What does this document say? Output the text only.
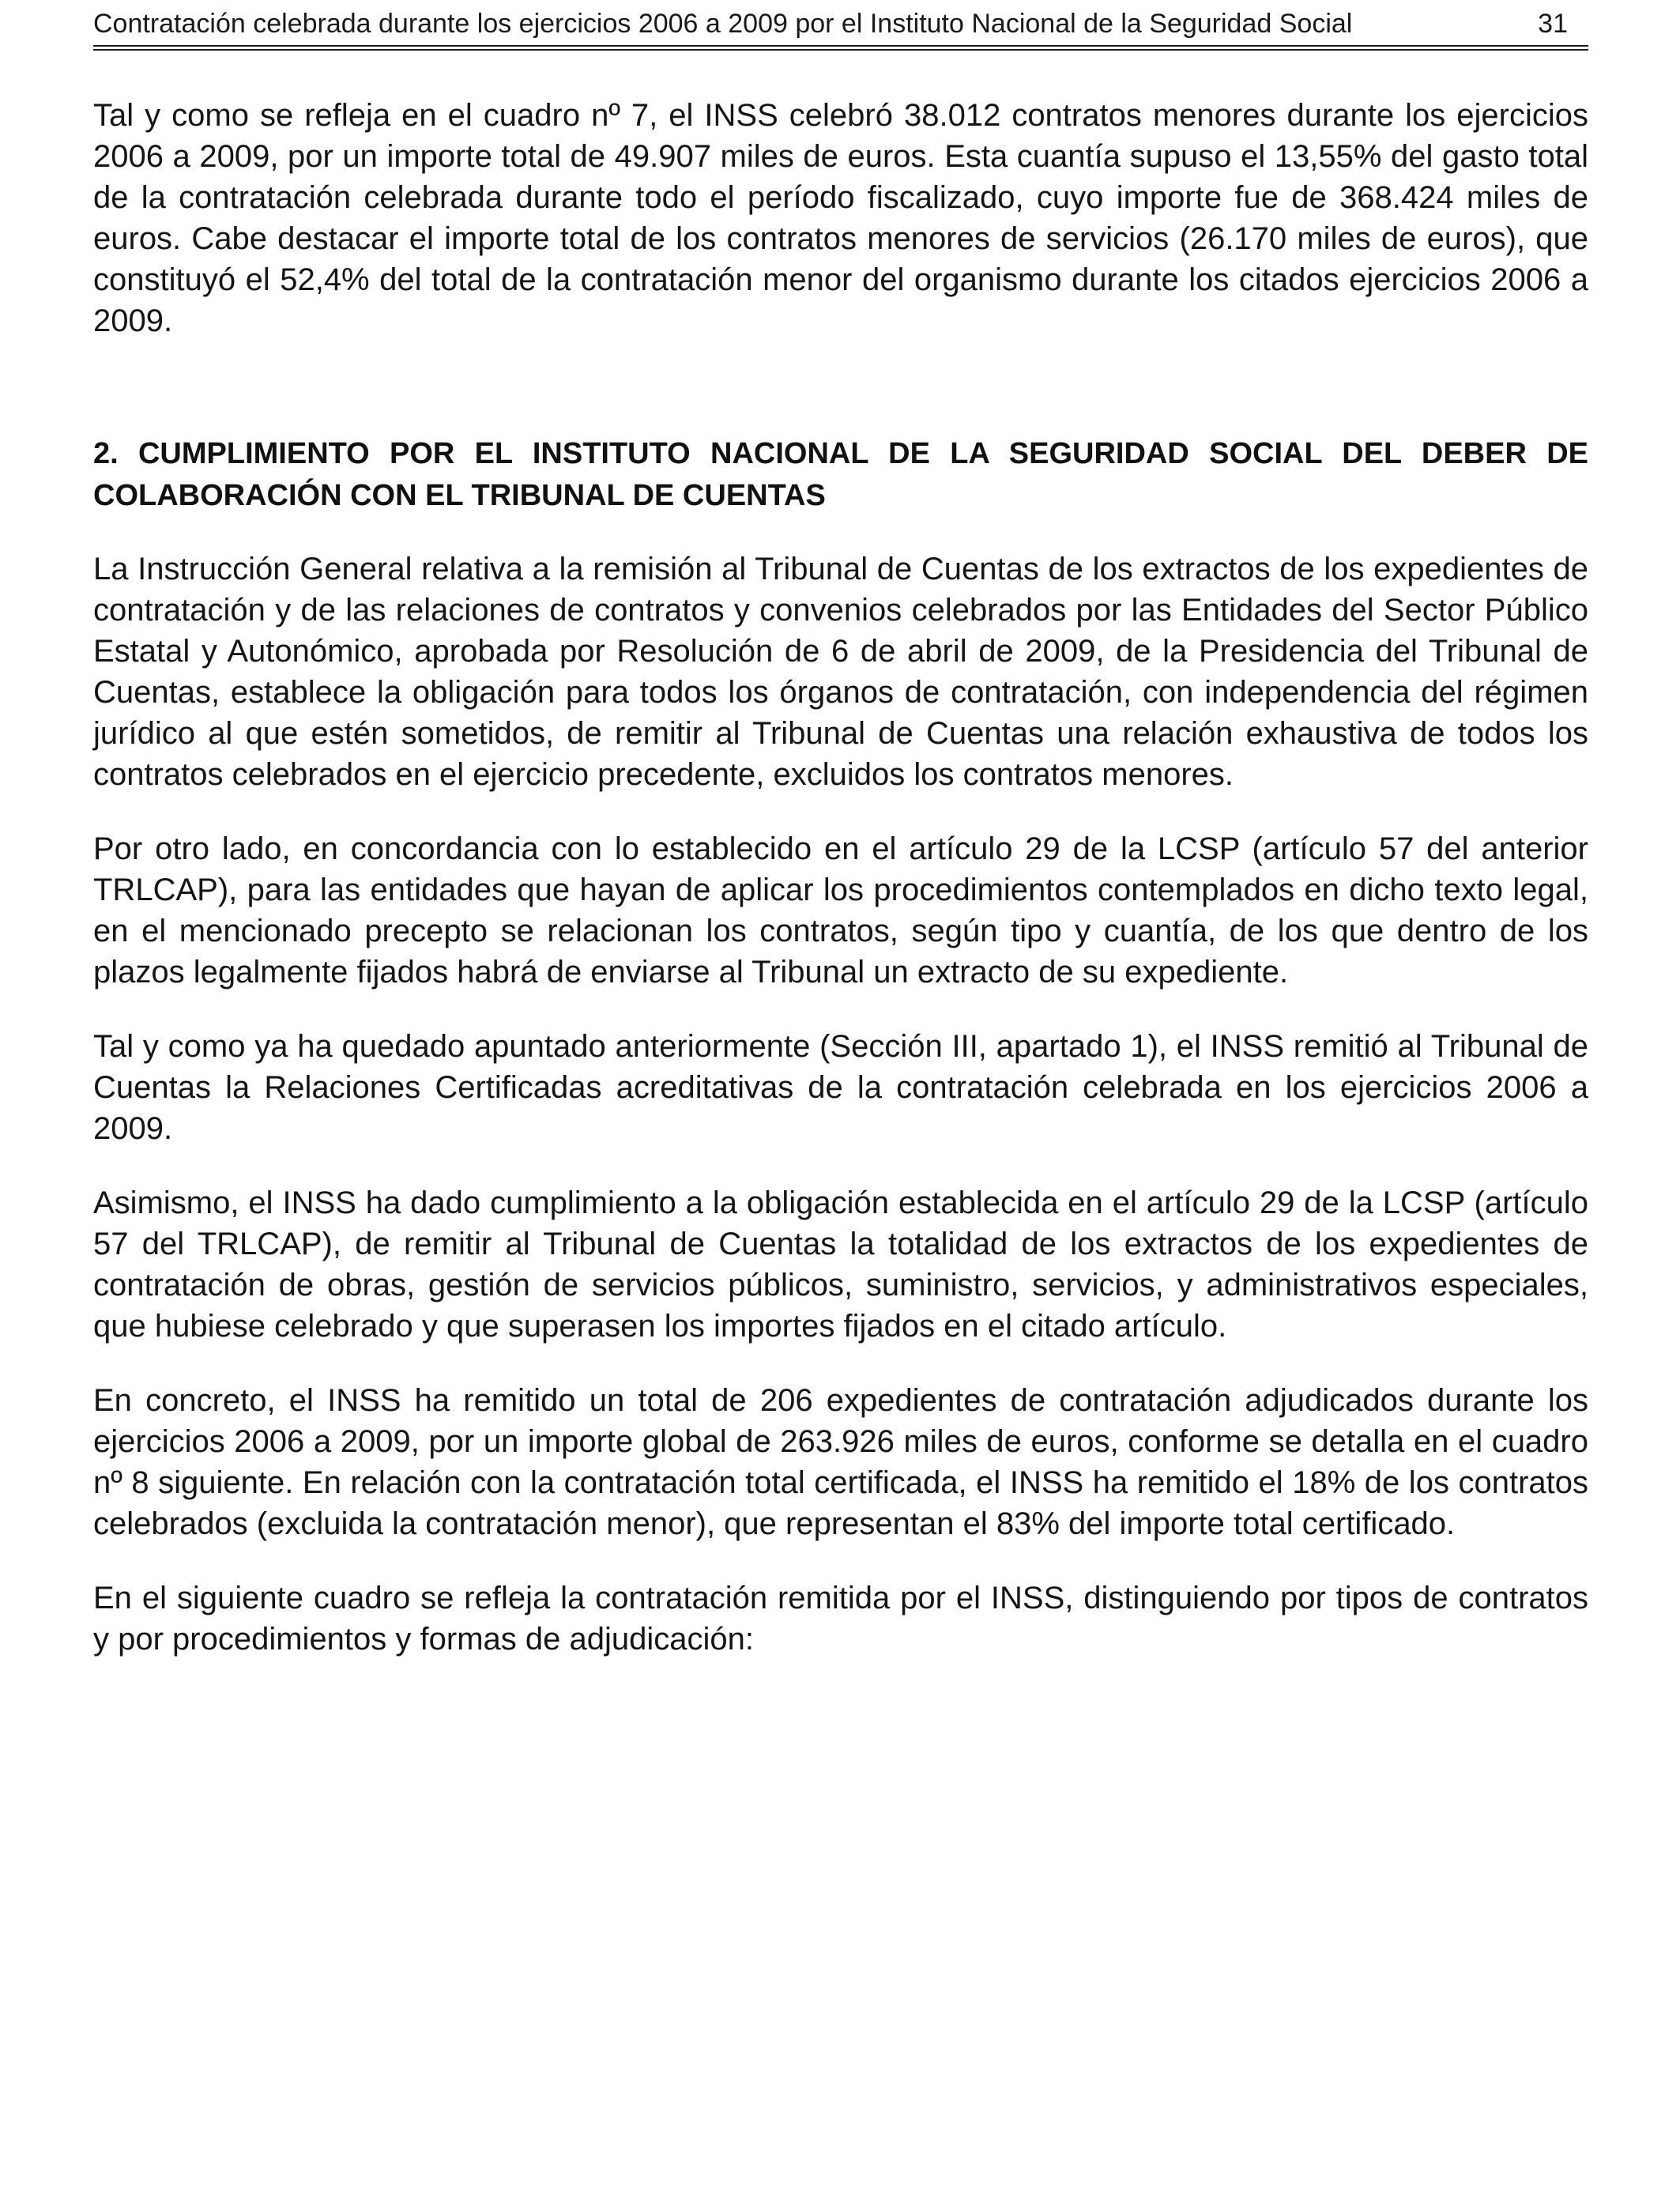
Contratación celebrada durante los ejercicios 2006 a 2009 por el Instituto Nacional de la Seguridad Social	31

Tal y como se refleja en el cuadro nº 7, el INSS celebró 38.012 contratos menores durante los ejercicios 2006 a 2009, por un importe total de 49.907 miles de euros. Esta cuantía supuso el 13,55% del gasto total de la contratación celebrada durante todo el período fiscalizado, cuyo importe fue de 368.424 miles de euros. Cabe destacar el importe total de los contratos menores de servicios (26.170 miles de euros), que constituyó el 52,4% del total de la contratación menor del organismo durante los citados ejercicios 2006 a 2009.

2. CUMPLIMIENTO POR EL INSTITUTO NACIONAL DE LA SEGURIDAD SOCIAL DEL DEBER DE COLABORACIÓN CON EL TRIBUNAL DE CUENTAS

La Instrucción General relativa a la remisión al Tribunal de Cuentas de los extractos de los expedientes de contratación y de las relaciones de contratos y convenios celebrados por las Entidades del Sector Público Estatal y Autonómico, aprobada por Resolución de 6 de abril de 2009, de la Presidencia del Tribunal de Cuentas, establece la obligación para todos los órganos de contratación, con independencia del régimen jurídico al que estén sometidos, de remitir al Tribunal de Cuentas una relación exhaustiva de todos los contratos celebrados en el ejercicio precedente, excluidos los contratos menores.

Por otro lado, en concordancia con lo establecido en el artículo 29 de la LCSP (artículo 57 del anterior TRLCAP), para las entidades que hayan de aplicar los procedimientos contemplados en dicho texto legal, en el mencionado precepto se relacionan los contratos, según tipo y cuantía, de los que dentro de los plazos legalmente fijados habrá de enviarse al Tribunal un extracto de su expediente.

Tal y como ya ha quedado apuntado anteriormente (Sección III, apartado 1), el INSS remitió al Tribunal de Cuentas la Relaciones Certificadas acreditativas de la contratación celebrada en los ejercicios 2006 a 2009.

Asimismo, el INSS ha dado cumplimiento a la obligación establecida en el artículo 29 de la LCSP (artículo 57 del TRLCAP), de remitir al Tribunal de Cuentas la totalidad de los extractos de los expedientes de contratación de obras, gestión de servicios públicos, suministro, servicios, y administrativos especiales, que hubiese celebrado y que superasen los importes fijados en el citado artículo.

En concreto, el INSS ha remitido un total de 206 expedientes de contratación adjudicados durante los ejercicios 2006 a 2009, por un importe global de 263.926 miles de euros, conforme se detalla en el cuadro nº 8 siguiente. En relación con la contratación total certificada, el INSS ha remitido el 18% de los contratos celebrados (excluida la contratación menor), que representan el 83% del importe total certificado.

En el siguiente cuadro se refleja la contratación remitida por el INSS, distinguiendo por tipos de contratos y por procedimientos y formas de adjudicación:
